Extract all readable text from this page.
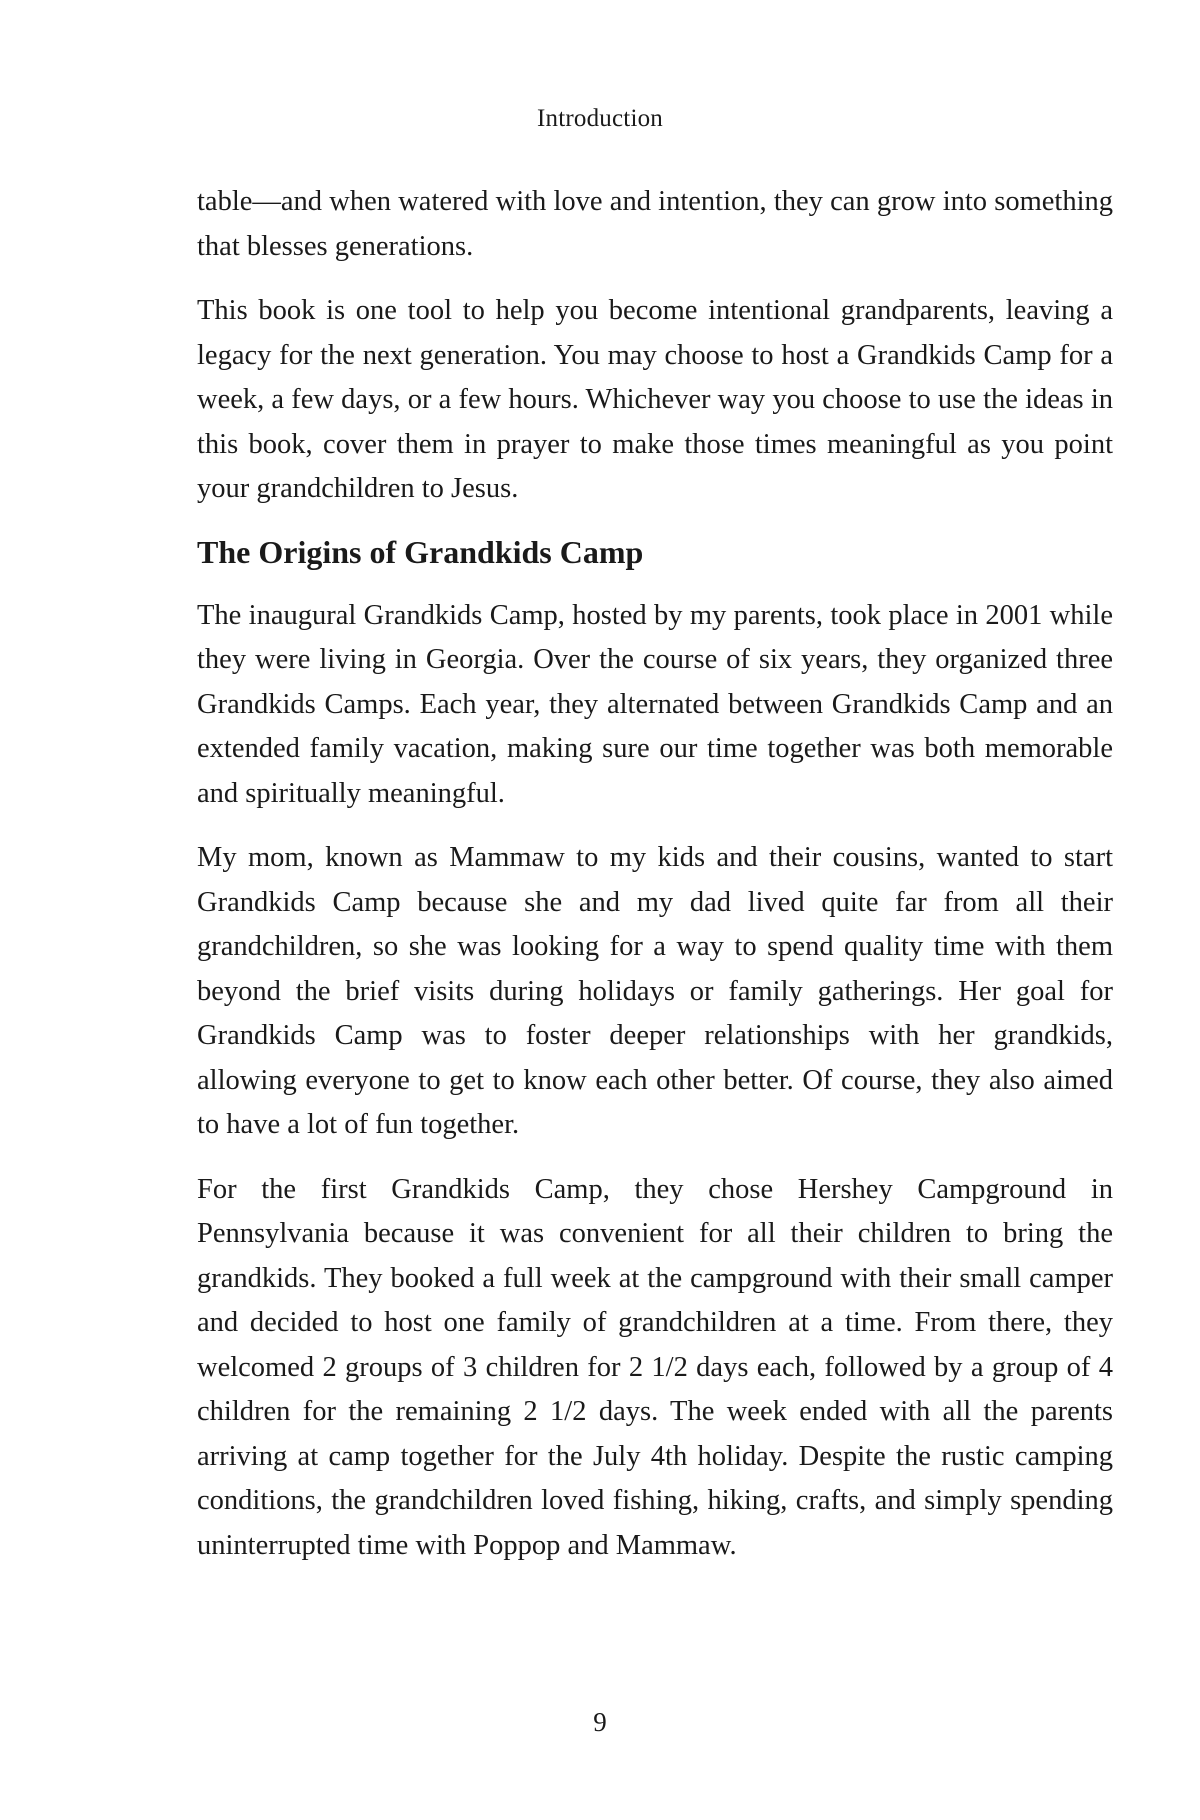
Introduction

table—and when watered with love and intention, they can grow into something that blesses generations.

This book is one tool to help you become intentional grandparents, leaving a legacy for the next generation. You may choose to host a Grandkids Camp for a week, a few days, or a few hours. Whichever way you choose to use the ideas in this book, cover them in prayer to make those times meaningful as you point your grandchildren to Jesus.

The Origins of Grandkids Camp

The inaugural Grandkids Camp, hosted by my parents, took place in 2001 while they were living in Georgia. Over the course of six years, they organized three Grandkids Camps. Each year, they alternated between Grandkids Camp and an extended family vacation, making sure our time together was both memorable and spiritually meaningful.

My mom, known as Mammaw to my kids and their cousins, wanted to start Grandkids Camp because she and my dad lived quite far from all their grandchildren, so she was looking for a way to spend quality time with them beyond the brief visits during holidays or family gatherings. Her goal for Grandkids Camp was to foster deeper relationships with her grandkids, allowing everyone to get to know each other better. Of course, they also aimed to have a lot of fun together.

For the first Grandkids Camp, they chose Hershey Campground in Pennsylvania because it was convenient for all their children to bring the grandkids. They booked a full week at the campground with their small camper and decided to host one family of grandchildren at a time. From there, they welcomed 2 groups of 3 children for 2 1/2 days each, followed by a group of 4 children for the remaining 2 1/2 days. The week ended with all the parents arriving at camp together for the July 4th holiday. Despite the rustic camping conditions, the grandchildren loved fishing, hiking, crafts, and simply spending uninterrupted time with Poppop and Mammaw.

9
